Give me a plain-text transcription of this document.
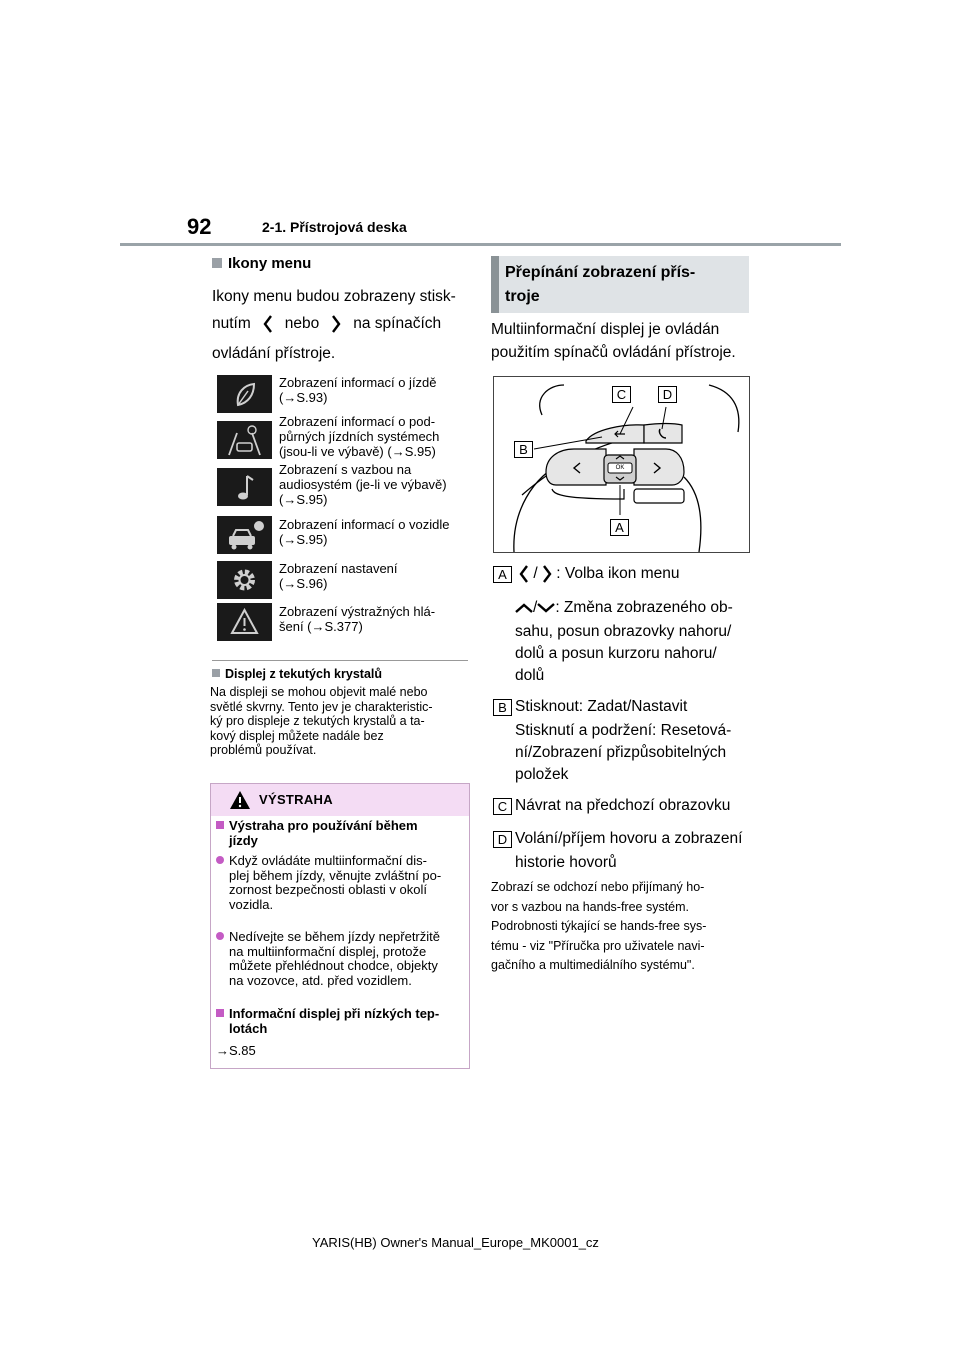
92	2-1. Přístrojová deska
Ikony menu
Ikony menu budou zobrazeny stisk-
nutím nebo na spínačích
ovládání přístroje.
Zobrazení informací o jízdě
(→S.93)
Zobrazení informací o pod-
půrných jízdních systémech
(jsou-li ve výbavě) (→S.95)
Zobrazení s vazbou na
audiosystém (je-li ve výbavě)
(→S.95)
Zobrazení informací o vozidle
(→S.95)
Zobrazení nastavení
(→S.96)
Zobrazení výstražných hlá-
šení (→S.377)
Displej z tekutých krystalů
Na displeji se mohou objevit malé nebo
světlé skvrny. Tento jev je charakteristic-
ký pro displeje z tekutých krystalů a ta-
kový displej můžete nadále bez
problémů používat.
VÝSTRAHA
Výstraha pro používání během
jízdy
Když ovládáte multiinformační dis-
plej během jízdy, věnujte zvláštní po-
zornost bezpečnosti oblasti v okolí
vozidla.
Nedívejte se během jízdy nepřetržitě
na multiinformační displej, protože
můžete přehlédnout chodce, objekty
na vozovce, atd. před vozidlem.
Informační displej při nízkých tep-
lotách
→S.85
Přepínání zobrazení přís-
troje
Multiinformační displej je ovládán
použitím spínačů ovládání přístroje.
C	D
B
A
OK
A	/ : Volba ikon menu
/ : Změna zobrazeného ob-
sahu, posun obrazovky nahoru/
dolů a posun kurzoru nahoru/
dolů
B Stisknout: Zadat/Nastavit
Stisknutí a podržení: Resetová-
ní/Zobrazení přizpůsobitelných
položek
C Návrat na předchozí obrazovku
D Volání/příjem hovoru a zobrazení
historie hovorů
Zobrazí se odchozí nebo přijímaný ho-
vor s vazbou na hands-free systém.
Podrobnosti týkající se hands-free sys-
tému - viz "Příručka pro uživatele navi-
gačního a multimediálního systému".
YARIS(HB) Owner's Manual_Europe_MK0001_cz
